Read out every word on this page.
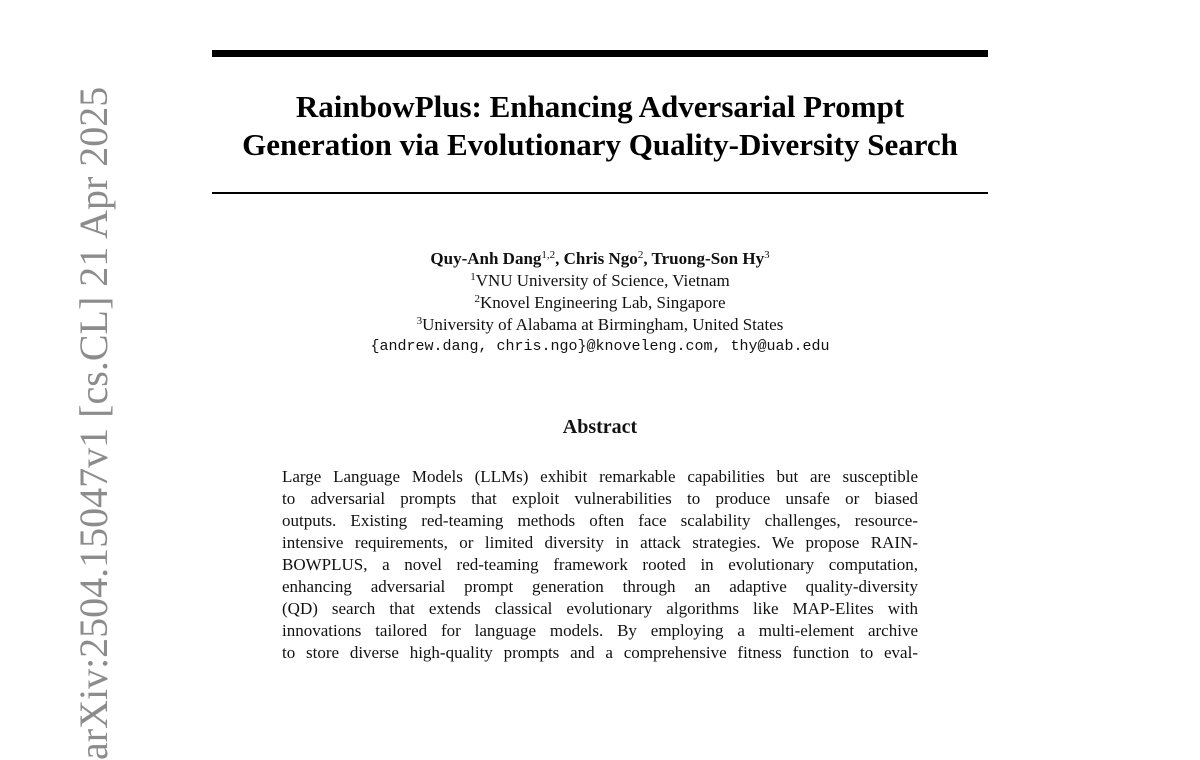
arXiv:2504.15047v1 [cs.CL] 21 Apr 2025	RainbowPlus: Enhancing Adversarial Prompt
Generation via Evolutionary Quality-Diversity Search
Quy-Anh Dang$^{1,2}$, Chris Ngo$^2$, Truong-Son Hy$^3$
$^1$VNU University of Science, Vietnam
$^2$Knovel Engineering Lab, Singapore
$^3$University of Alabama at Birmingham, United States
{andrew.dang, chris.ngo}@knoveleng.com, thy@uab.edu
Abstract
Large Language Models (LLMs) exhibit remarkable capabilities but are susceptible
to adversarial prompts that exploit vulnerabilities to produce unsafe or biased
outputs. Existing red-teaming methods often face scalability challenges, resource-
intensive requirements, or limited diversity in attack strategies. We propose RAIN-
BOWPLUS, a novel red-teaming framework rooted in evolutionary computation,
enhancing adversarial prompt generation through an adaptive quality-diversity
(QD) search that extends classical evolutionary algorithms like MAP-Elites with
innovations tailored for language models. By employing a multi-element archive
to store diverse high-quality prompts and a comprehensive fitness function to eval-
